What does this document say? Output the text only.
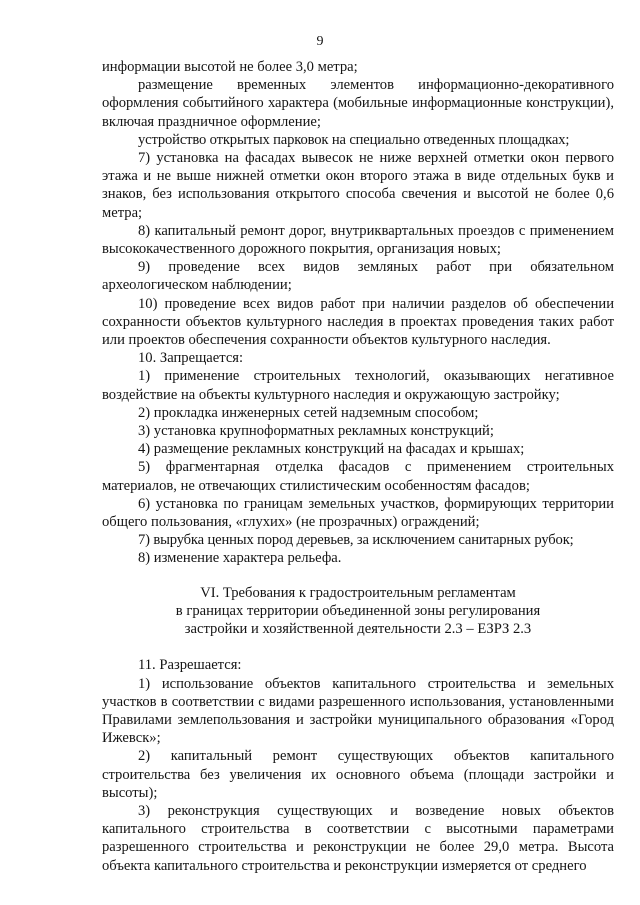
9

информации высотой не более 3,0 метра;

размещение временных элементов информационно-декоративного оформления событийного характера (мобильные информационные конструкции), включая праздничное оформление;

устройство открытых парковок на специально отведенных площадках;

7) установка на фасадах вывесок не ниже верхней отметки окон первого этажа и не выше нижней отметки окон второго этажа в виде отдельных букв и знаков, без использования открытого способа свечения и высотой не более 0,6 метра;

8) капитальный ремонт дорог, внутриквартальных проездов с применением высококачественного дорожного покрытия, организация новых;

9) проведение всех видов земляных работ при обязательном археологическом наблюдении;

10) проведение всех видов работ при наличии разделов об обеспечении сохранности объектов культурного наследия в проектах проведения таких работ или проектов обеспечения сохранности объектов культурного наследия.

10. Запрещается:

1) применение строительных технологий, оказывающих негативное воздействие на объекты культурного наследия и окружающую застройку;

2) прокладка инженерных сетей надземным способом;

3) установка крупноформатных рекламных конструкций;

4) размещение рекламных конструкций на фасадах и крышах;

5) фрагментарная отделка фасадов с применением строительных материалов, не отвечающих стилистическим особенностям фасадов;

6) установка по границам земельных участков, формирующих территории общего пользования, «глухих» (не прозрачных) ограждений;

7) вырубка ценных пород деревьев, за исключением санитарных рубок;

8) изменение характера рельефа.

VI. Требования к градостроительным регламентам
в границах территории объединенной зоны регулирования
застройки и хозяйственной деятельности 2.3 – ЕЗРЗ 2.3

11. Разрешается:

1) использование объектов капитального строительства и земельных участков в соответствии с видами разрешенного использования, установленными Правилами землепользования и застройки муниципального образования «Город Ижевск»;

2) капитальный ремонт существующих объектов капитального строительства без увеличения их основного объема (площади застройки и высоты);

3) реконструкция существующих и возведение новых объектов капитального строительства в соответствии с высотными параметрами разрешенного строительства и реконструкции не более 29,0 метра. Высота объекта капитального строительства и реконструкции измеряется от среднего
